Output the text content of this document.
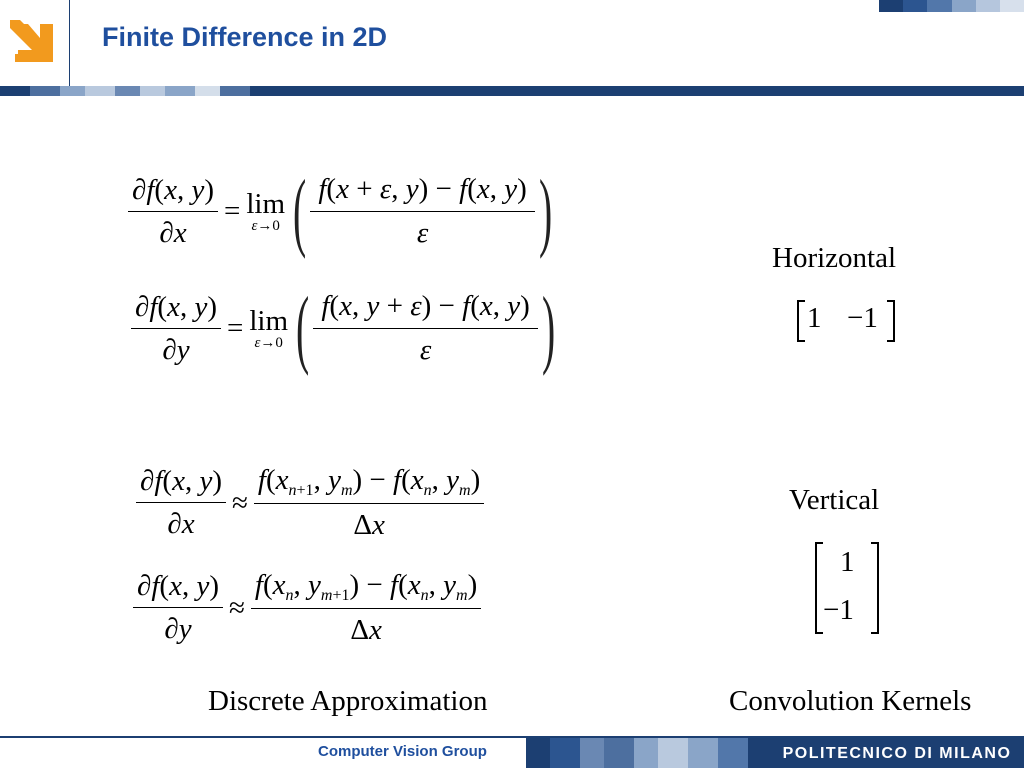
Finite Difference in 2D
$\frac{\partial f(x, y)}{\partial x} = \lim$
ε→0 ( $\frac{f(x + \varepsilon, y) - f(x, y)}{\varepsilon}$ )
$\frac{\partial f(x, y)}{\partial y} = \lim$
ε→0 ( $\frac{f(x, y + \varepsilon) - f(x, y)}{\varepsilon}$ )
$\frac{\partial f(x, y)}{\partial x} \approx \frac{f(x_{n+1}, y_m) - f(x_n, y_m)}{\Delta x}$
$\frac{\partial f(x, y)}{\partial y} \approx \frac{f(x_n, y_{m+1}) - f(x_n, y_m)}{\Delta x}$
Horizontal
Vertical
Discrete Approximation	Convolution Kernels
1 −1
1
−1
Computer Vision Group	POLITECNICO DI MILANO
